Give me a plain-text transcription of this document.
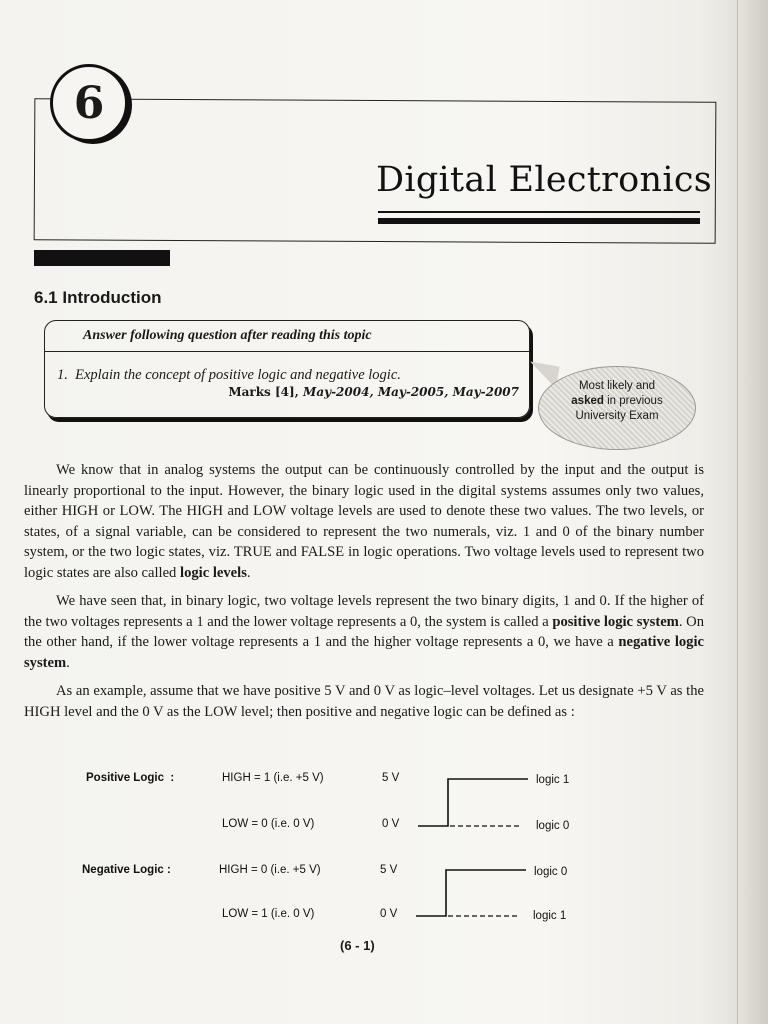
6
Digital Electronics
6.1 Introduction
Answer following question after reading this topic
1. Explain the concept of positive logic and negative logic.
Marks [4], May-2004, May-2005, May-2007	Most likely and
asked in previous
University Exam

We know that in analog systems the output can be continuously controlled by the input and the output is linearly proportional to the input. However, the binary logic used in the digital systems assumes only two values, either HIGH or LOW. The HIGH and LOW voltage levels are used to denote these two values. The two levels, or states, of a signal variable, can be considered to represent the two numerals, viz. 1 and 0 of the binary number system, or the two logic states, viz. TRUE and FALSE in logic operations. Two voltage levels used to represent two logic states are also called logic levels.

We have seen that, in binary logic, two voltage levels represent the two binary digits, 1 and 0. If the higher of the two voltages represents a 1 and the lower voltage represents a 0, the system is called a positive logic system. On the other hand, if the lower voltage represents a 1 and the higher voltage represents a 0, we have a negative logic system.

As an example, assume that we have positive 5 V and 0 V as logic–level voltages. Let us designate +5 V as the HIGH level and the 0 V as the LOW level; then positive and negative logic can be defined as :

Positive Logic :	HIGH = 1 (i.e. +5 V)	5 V	logic 1
LOW = 0 (i.e. 0 V)	0 V	logic 0
Negative Logic :	HIGH = 0 (i.e. +5 V)	5 V	logic 0
LOW = 1 (i.e. 0 V)	0 V	logic 1
(6 - 1)
